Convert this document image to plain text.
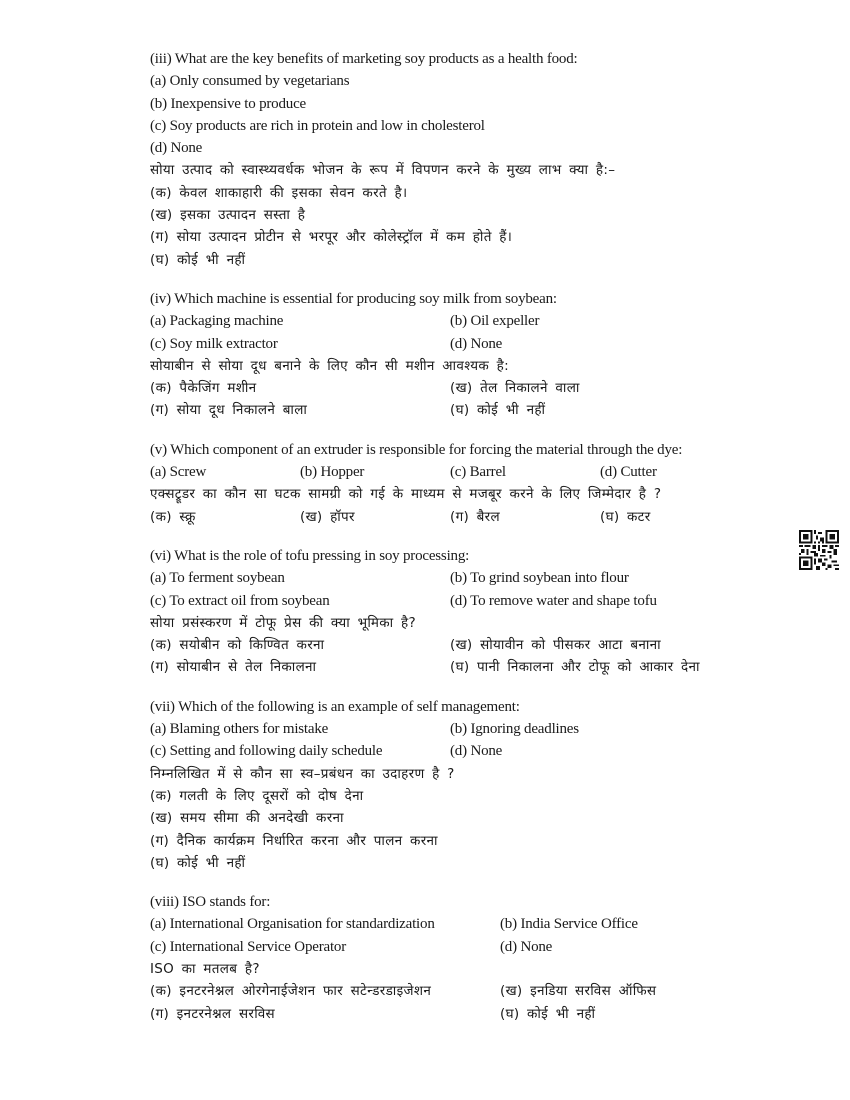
(iii) What are the key benefits of marketing soy products as a health food:
(a) Only consumed by vegetarians
(b) Inexpensive to produce
(c) Soy products are rich in protein and low in cholesterol
(d) None
सोया उत्पाद को स्वास्थ्यवर्धक भोजन के रूप में विपणन करने के मुख्य लाभ क्या है:–
(क) केवल शाकाहारी की इसका सेवन करते है।
(ख) इसका उत्पादन सस्ता है
(ग) सोया उत्पादन प्रोटीन से भरपूर और कोलेस्ट्रॉल में कम होते हैं।
(घ) कोई भी नहीं
(iv) Which machine is essential for producing soy milk from soybean:
(a) Packaging machine	(b) Oil expeller
(c) Soy milk extractor	(d) None
सोयाबीन से सोया दूध बनाने के लिए कौन सी मशीन आवश्यक है:
(क) पैकेजिंग मशीन	(ख) तेल निकालने वाला
(ग) सोया दूध निकालने बाला	(घ) कोई भी नहीं
(v) Which component of an extruder is responsible for forcing the material through the dye:
(a) Screw	(b) Hopper	(c) Barrel	(d) Cutter
एक्सट्रूडर का कौन सा घटक सामग्री को गई के माध्यम से मजबूर करने के लिए जिम्मेदार है ?
(क) स्क्रू	(ख) हॉपर	(ग) बैरल	(घ) कटर
(vi) What is the role of tofu pressing in soy processing:
(a) To ferment soybean	(b) To grind soybean into flour
(c) To extract oil from soybean	(d) To remove water and shape tofu
सोया प्रसंस्करण में टोफू प्रेस की क्या भूमिका है?
(क) सयोबीन को किण्वित करना	(ख) सोयावीन को पीसकर आटा बनाना
(ग) सोयाबीन से तेल निकालना	(घ) पानी निकालना और टोफू को आकार देना
(vii) Which of the following is an example of self management:
(a) Blaming others for mistake	(b) Ignoring deadlines
(c) Setting and following daily schedule	(d) None
निम्नलिखित में से कौन सा स्व–प्रबंधन का उदाहरण है ?
(क) गलती के लिए दूसरों को दोष देना
(ख) समय सीमा की अनदेखी करना
(ग) दैनिक कार्यक्रम निर्धारित करना और पालन करना
(घ) कोई भी नहीं
(viii) ISO stands for:
(a) International Organisation for standardization	(b) India Service Office
(c) International Service Operator	(d) None
ISO का मतलब है?
(क) इनटरनेश्नल ओरगेनाईजेशन फार सटेन्डरडाइजेशन	(ख) इनडिया सरविस ऑफिस
(ग) इनटरनेश्नल सरविस	(घ) कोई भी नहीं
